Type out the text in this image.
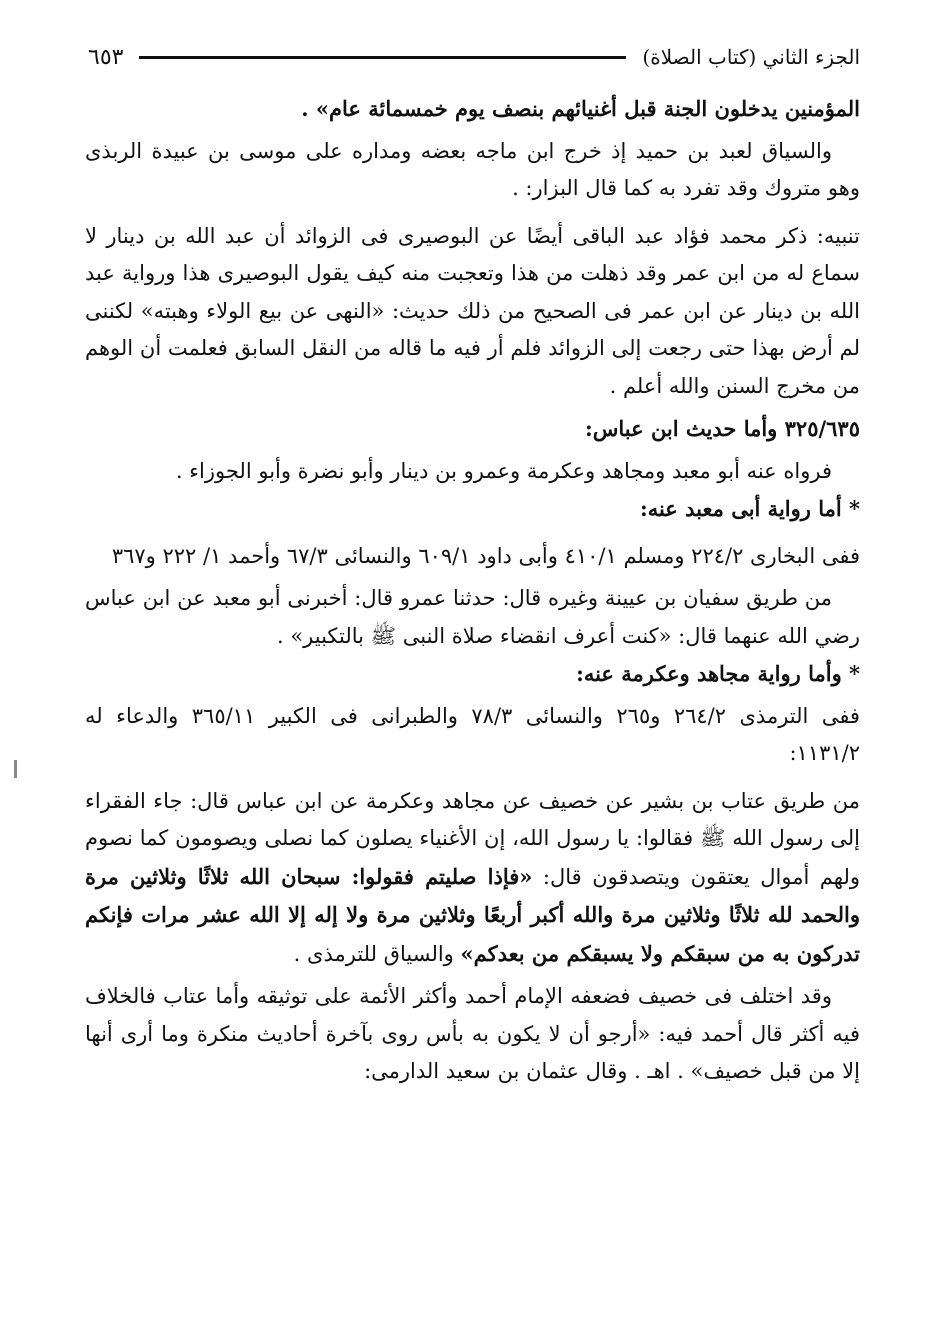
الجزء الثاني (كتاب الصلاة)
٦٥٣

المؤمنين يدخلون الجنة قبل أغنيائهم بنصف يوم خمسمائة عام» .

والسياق لعبد بن حميد إذ خرج ابن ماجه بعضه ومداره على موسى بن عبيدة الربذى وهو متروك وقد تفرد به كما قال البزار: .

تنبيه: ذكر محمد فؤاد عبد الباقى أيضًا عن البوصيرى فى الزوائد أن عبد الله بن دينار لا سماع له من ابن عمر وقد ذهلت من هذا وتعجبت منه كيف يقول البوصيرى هذا ورواية عبد الله بن دينار عن ابن عمر فى الصحيح من ذلك حديث: «النهى عن بيع الولاء وهبته» لكننى لم أرض بهذا حتى رجعت إلى الزوائد فلم أر فيه ما قاله من النقل السابق فعلمت أن الوهم من مخرج السنن والله أعلم .

٣٢٥/٦٣٥ وأما حديث ابن عباس:

فرواه عنه أبو معبد ومجاهد وعكرمة وعمرو بن دينار وأبو نضرة وأبو الجوزاء .

* أما رواية أبى معبد عنه:

ففى البخارى ٢٢٤/٢ ومسلم ٤١٠/١ وأبى داود ٦٠٩/١ والنسائى ٦٧/٣ وأحمد ١/ ٢٢٢ و٣٦٧

من طريق سفيان بن عيينة وغيره قال: حدثنا عمرو قال: أخبرنى أبو معبد عن ابن عباس رضي الله عنهما قال: «كنت أعرف انقضاء صلاة النبى ﷺ بالتكبير» .

* وأما رواية مجاهد وعكرمة عنه:

ففى الترمذى ٢٦٤/٢ و٢٦٥ والنسائى ٧٨/٣ والطبرانى فى الكبير ٣٦٥/١١ والدعاء له ١١٣١/٢:

من طريق عتاب بن بشير عن خصيف عن مجاهد وعكرمة عن ابن عباس قال: جاء الفقراء إلى رسول الله ﷺ فقالوا: يا رسول الله، إن الأغنياء يصلون كما نصلى ويصومون كما نصوم ولهم أموال يعتقون ويتصدقون قال: «فإذا صليتم فقولوا: سبحان الله ثلاثًا وثلاثين مرة والحمد لله ثلاثًا وثلاثين مرة والله أكبر أربعًا وثلاثين مرة ولا إله إلا الله عشر مرات فإنكم تدركون به من سبقكم ولا يسبقكم من بعدكم» والسياق للترمذى .

وقد اختلف فى خصيف فضعفه الإمام أحمد وأكثر الأئمة على توثيقه وأما عتاب فالخلاف فيه أكثر قال أحمد فيه: «أرجو أن لا يكون به بأس روى بآخرة أحاديث منكرة وما أرى أنها إلا من قبل خصيف» . اهـ . وقال عثمان بن سعيد الدارمى:
